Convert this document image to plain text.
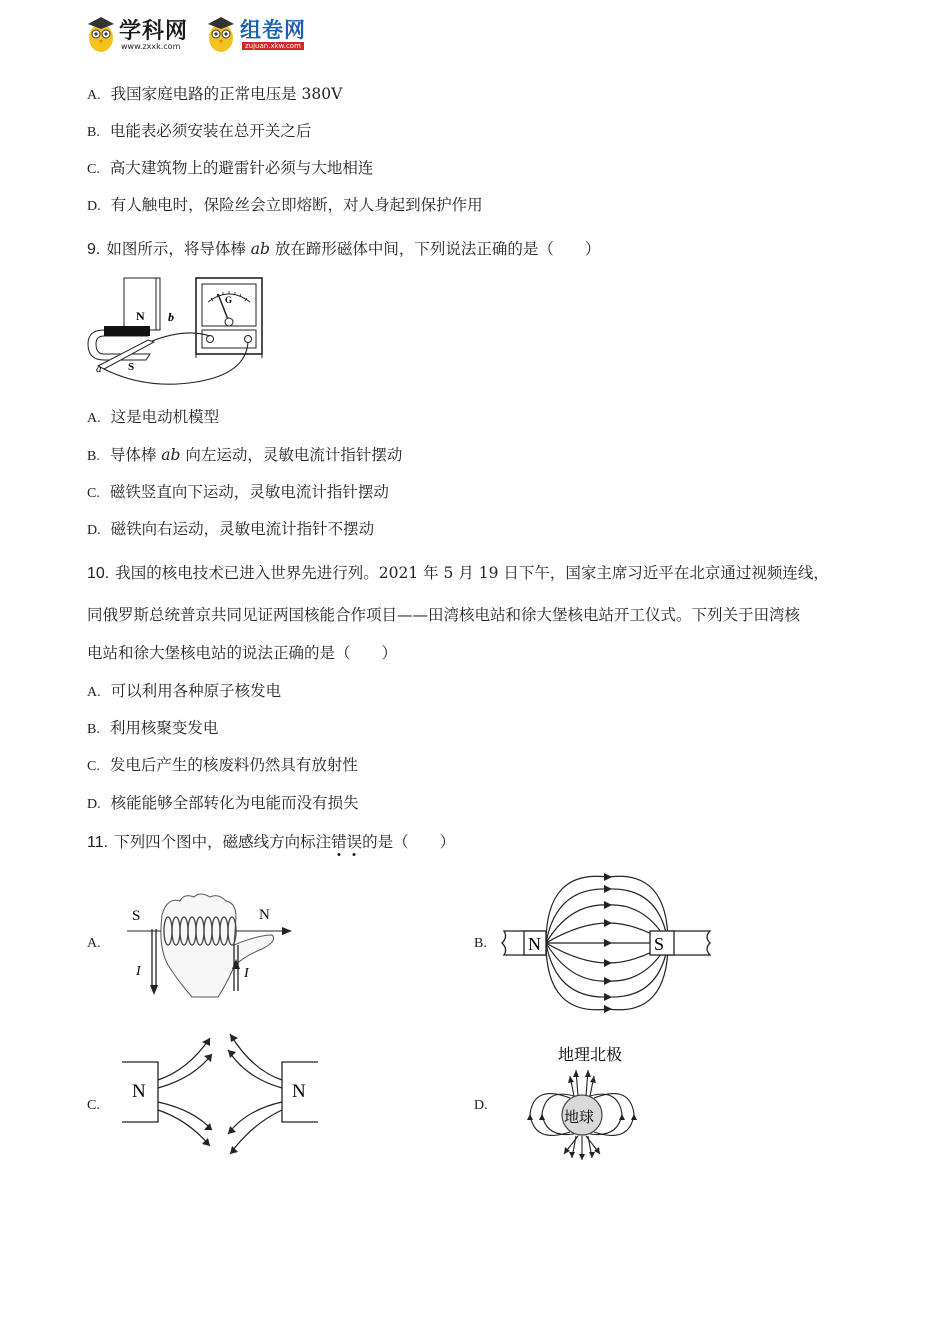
学科网
www.zxxk.com
组卷网
zujuan.xkw.com
A. 我国家庭电路的正常电压是 380V
B. 电能表必须安装在总开关之后
C. 高大建筑物上的避雷针必须与大地相连
D. 有人触电时，保险丝会立即熔断，对人身起到保护作用
9. 如图所示，将导体棒 ab 放在蹄形磁体中间，下列说法正确的是（　　）
G
N b
a S
A. 这是电动机模型
B. 导体棒 ab 向左运动，灵敏电流计指针摆动
C. 磁铁竖直向下运动，灵敏电流计指针摆动
D. 磁铁向右运动，灵敏电流计指针不摆动
10. 我国的核电技术已进入世界先进行列。2021 年 5 月 19 日下午，国家主席习近平在北京通过视频连线，
同俄罗斯总统普京共同见证两国核能合作项目——田湾核电站和徐大堡核电站开工仪式。下列关于田湾核
电站和徐大堡核电站的说法正确的是（　　）
A. 可以利用各种原子核发电
B. 利用核聚变发电
C. 发电后产生的核废料仍然具有放射性
D. 核能能够全部转化为电能而没有损失
11. 下列四个图中，磁感线方向标注错误的是（　　）
A.
S	N
I	I
B. N	S
C.
N	N
D.
地理北极
地球
